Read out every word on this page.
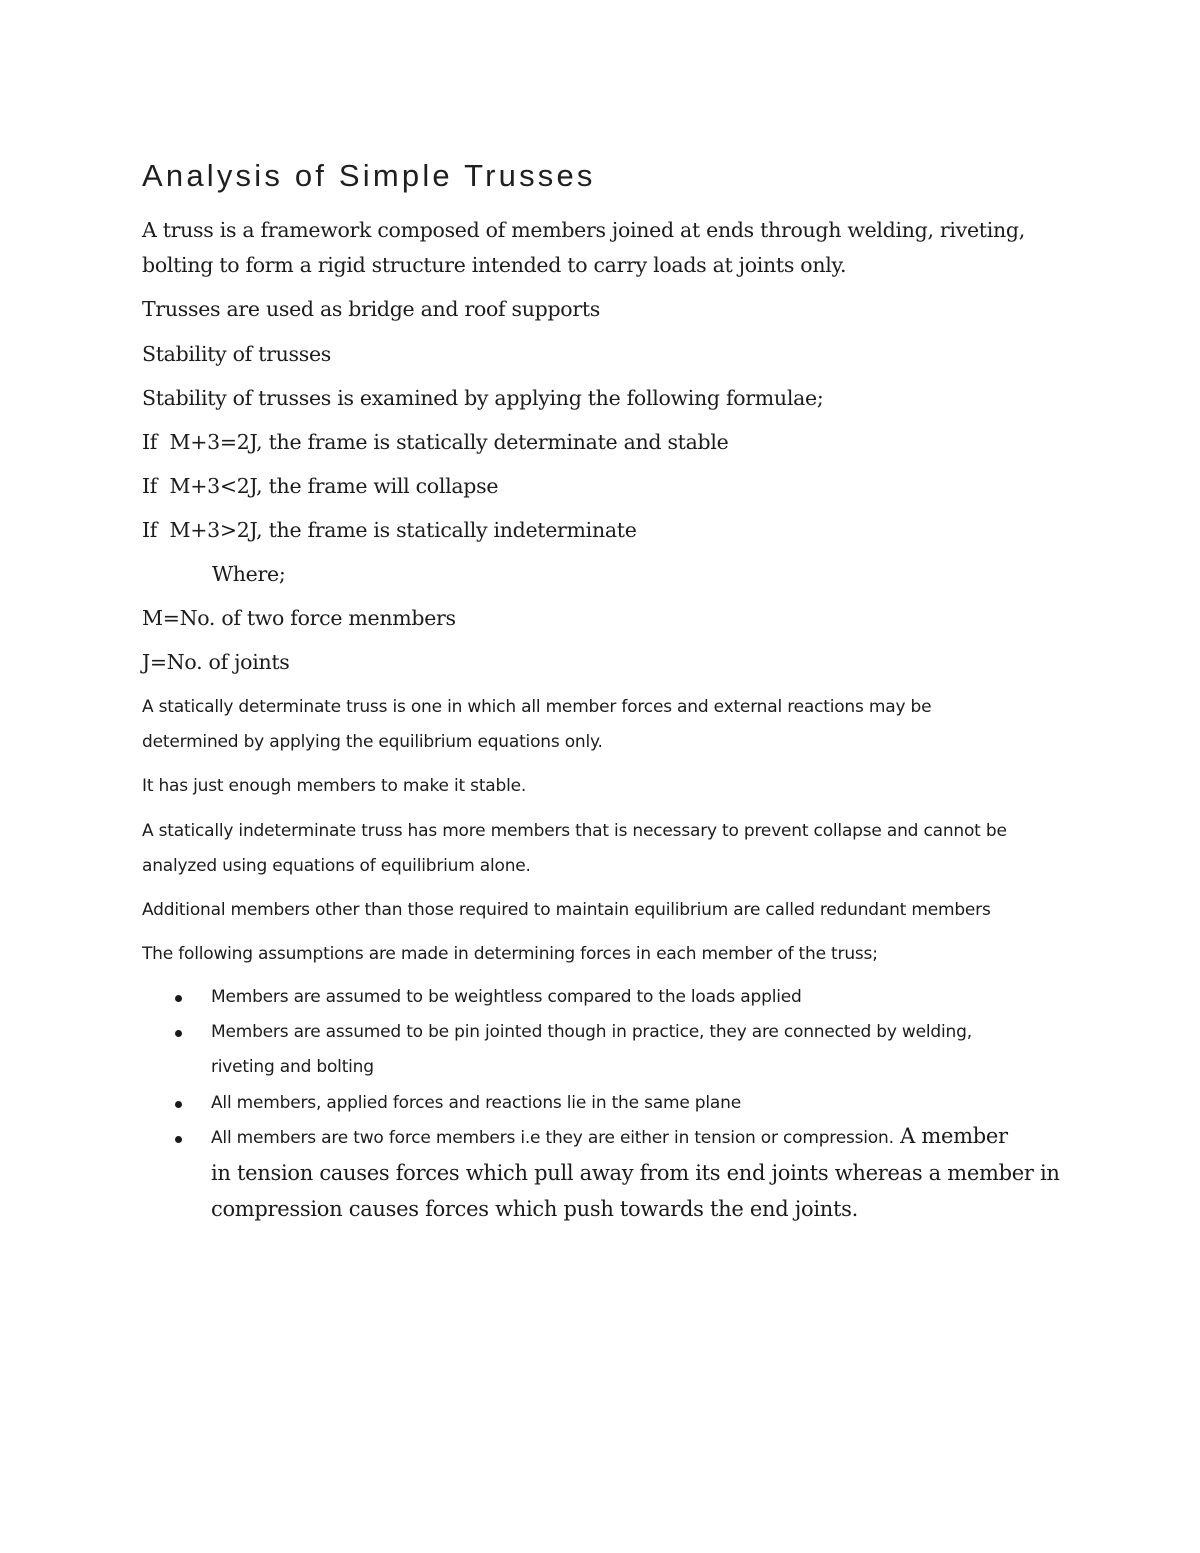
Analysis of Simple Trusses

A truss is a framework composed of members joined at ends through welding, riveting,

bolting to form a rigid structure intended to carry loads at joints only.

Trusses are used as bridge and roof supports

Stability of trusses

Stability of trusses is examined by applying the following formulae;

If  M+3=2J, the frame is statically determinate and stable

If  M+3<2J, the frame will collapse

If  M+3>2J, the frame is statically indeterminate

Where;

M=No. of two force menmbers

J=No. of joints

A statically determinate truss is one in which all member forces and external reactions may be

determined by applying the equilibrium equations only.

It has just enough members to make it stable.

A statically indeterminate truss has more members that is necessary to prevent collapse and cannot be

analyzed using equations of equilibrium alone.

Additional members other than those required to maintain equilibrium are called redundant members

The following assumptions are made in determining forces in each member of the truss;

Members are assumed to be weightless compared to the loads applied

Members are assumed to be pin jointed though in practice, they are connected by welding,

riveting and bolting

All members, applied forces and reactions lie in the same plane

All members are two force members i.e they are either in tension or compression. A member

in tension causes forces which pull away from its end joints whereas a member in

compression causes forces which push towards the end joints.
